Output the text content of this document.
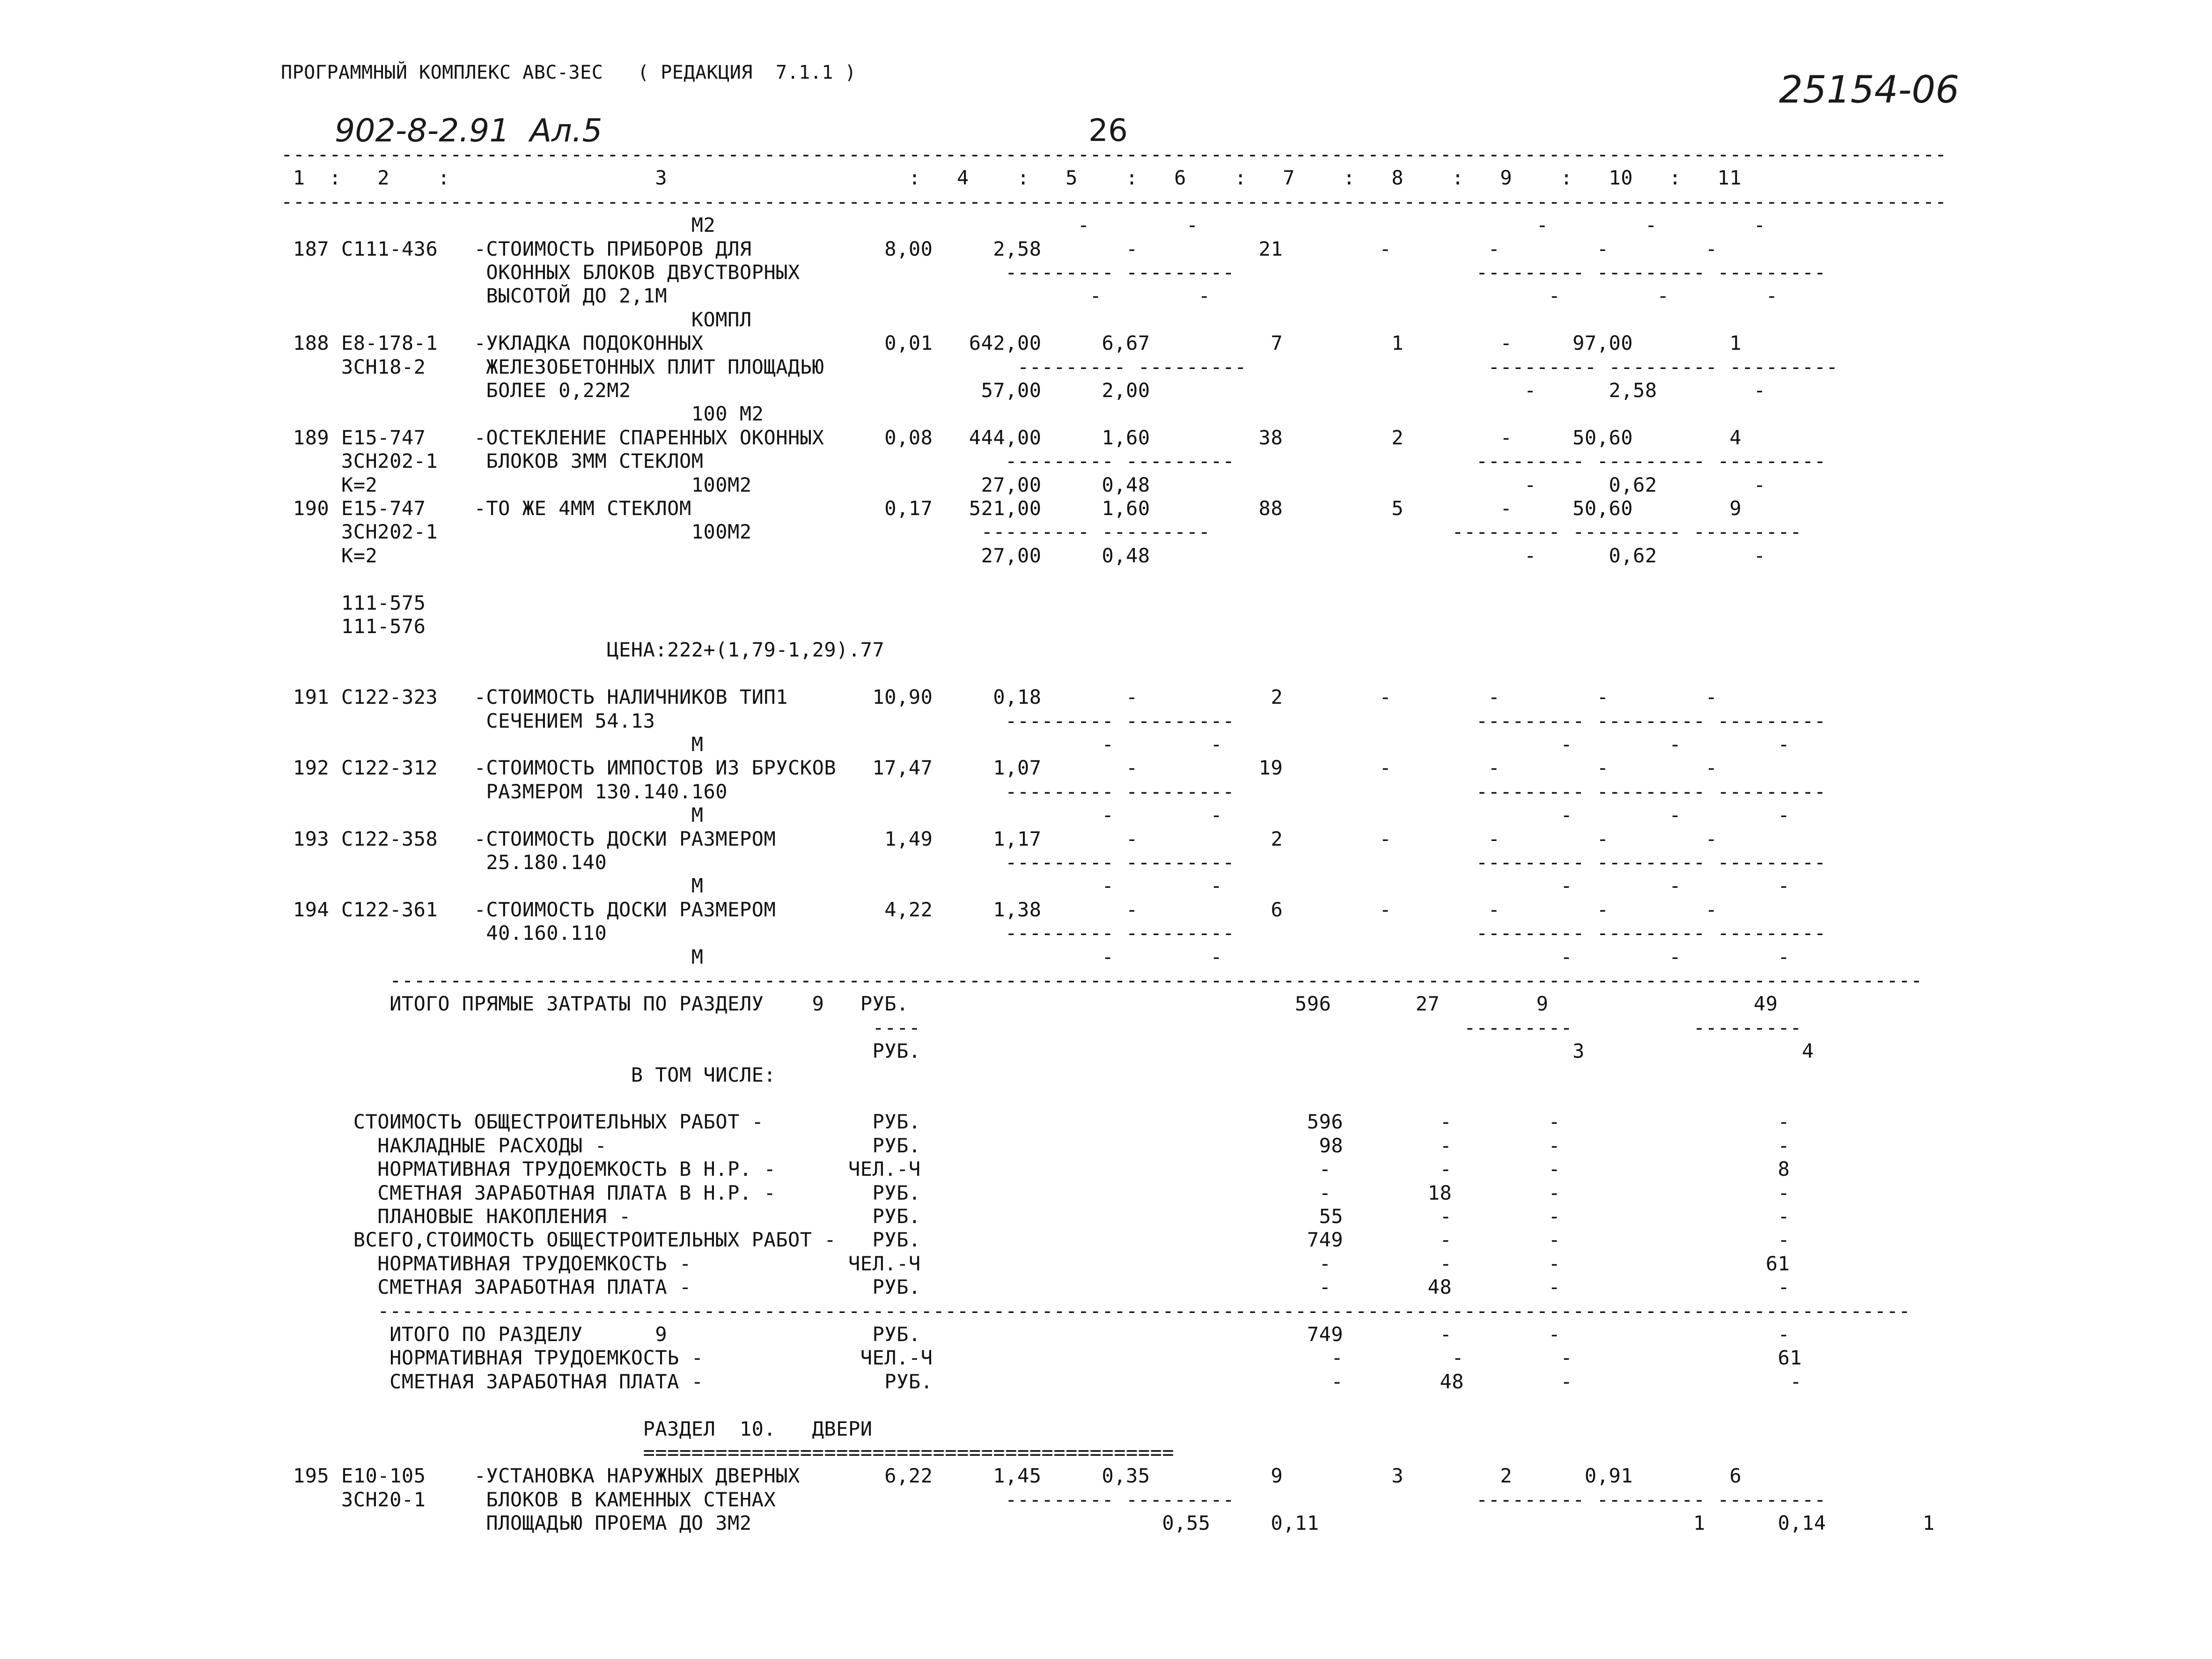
ПРОГРАММНЫЙ КОМПЛЕКС АВС-3ЕС   ( РЕДАКЦИЯ  7.1.1 )	25154-06
902-8-2.91  Ал.5	26
------------------------------------------------------------------------------------------------------------------------------------------
1  :   2    :                 3                    :   4    :   5    :   6    :   7    :   8    :   9    :   10   :   11
------------------------------------------------------------------------------------------------------------------------------------------
М2                              -        -                            -        -        -
187 С111-436   -СТОИМОСТЬ ПРИБОРОВ ДЛЯ           8,00     2,58       -          21        -        -        -        -
ОКОННЫХ БЛОКОВ ДВУСТВОРНЫХ                 --------- ---------                    --------- --------- ---------
ВЫСОТОЙ ДО 2,1М                                   -        -                            -        -        -
КОМПЛ
188 Е8-178-1   -УКЛАДКА ПОДОКОННЫХ               0,01   642,00     6,67          7         1        -     97,00        1
3СН18-2     ЖЕЛЕЗОБЕТОННЫХ ПЛИТ ПЛОЩАДЬЮ                --------- ---------                    --------- --------- ---------
БОЛЕЕ 0,22М2                             57,00     2,00                               -      2,58        -
100 М2
189 Е15-747    -ОСТЕКЛЕНИЕ СПАРЕННЫХ ОКОННЫХ     0,08   444,00     1,60         38         2        -     50,60        4
3СН202-1    БЛОКОВ 3ММ СТЕКЛОМ                         --------- ---------                    --------- --------- ---------
К=2                          100М2                   27,00     0,48                               -      0,62        -
190 Е15-747    -ТО ЖЕ 4ММ СТЕКЛОМ                0,17   521,00     1,60         88         5        -     50,60        9
3СН202-1                     100М2                   --------- ---------                    --------- --------- ---------
К=2                                                  27,00     0,48                               -      0,62        -
111-575
111-576
ЦЕНА:222+(1,79-1,29).77
191 С122-323   -СТОИМОСТЬ НАЛИЧНИКОВ ТИП1       10,90     0,18       -           2        -        -        -        -
СЕЧЕНИЕМ 54.13                             --------- ---------                    --------- --------- ---------
М                                 -        -                            -        -        -
192 С122-312   -СТОИМОСТЬ ИМПОСТОВ ИЗ БРУСКОВ   17,47     1,07       -          19        -        -        -        -
РАЗМЕРОМ 130.140.160                       --------- ---------                    --------- --------- ---------
М                                 -        -                            -        -        -
193 С122-358   -СТОИМОСТЬ ДОСКИ РАЗМЕРОМ         1,49     1,17       -           2        -        -        -        -
25.180.140                                 --------- ---------                    --------- --------- ---------
М                                 -        -                            -        -        -
194 С122-361   -СТОИМОСТЬ ДОСКИ РАЗМЕРОМ         4,22     1,38       -           6        -        -        -        -
40.160.110                                 --------- ---------                    --------- --------- ---------
М                                 -        -                            -        -        -
-------------------------------------------------------------------------------------------------------------------------------
ИТОГО ПРЯМЫЕ ЗАТРАТЫ ПО РАЗДЕЛУ    9   РУБ.                                596       27        9                 49
----                                             ---------          ---------
РУБ.                                                      3                  4
В ТОМ ЧИСЛЕ:
СТОИМОСТЬ ОБЩЕСТРОИТЕЛЬНЫХ РАБОТ -         РУБ.                                596        -        -                  -
НАКЛАДНЫЕ РАСХОДЫ -                      РУБ.                                 98        -        -                  -
НОРМАТИВНАЯ ТРУДОЕМКОСТЬ В Н.Р. -      ЧЕЛ.-Ч                                 -         -        -                  8
СМЕТНАЯ ЗАРАБОТНАЯ ПЛАТА В Н.Р. -        РУБ.                                 -        18        -                  -
ПЛАНОВЫЕ НАКОПЛЕНИЯ -                    РУБ.                                 55        -        -                  -
ВСЕГО,СТОИМОСТЬ ОБЩЕСТРОИТЕЛЬНЫХ РАБОТ -   РУБ.                                749        -        -                  -
НОРМАТИВНАЯ ТРУДОЕМКОСТЬ -             ЧЕЛ.-Ч                                 -         -        -                 61
СМЕТНАЯ ЗАРАБОТНАЯ ПЛАТА -               РУБ.                                 -        48        -                  -
-------------------------------------------------------------------------------------------------------------------------------
ИТОГО ПО РАЗДЕЛУ      9                 РУБ.                                749        -        -                  -
НОРМАТИВНАЯ ТРУДОЕМКОСТЬ -             ЧЕЛ.-Ч                                 -         -        -                 61
СМЕТНАЯ ЗАРАБОТНАЯ ПЛАТА -               РУБ.                                 -        48        -                  -
РАЗДЕЛ  10.   ДВЕРИ
============================================
195 Е10-105    -УСТАНОВКА НАРУЖНЫХ ДВЕРНЫХ       6,22     1,45     0,35          9         3        2      0,91        6
3СН20-1     БЛОКОВ В КАМЕННЫХ СТЕНАХ                   --------- ---------                    --------- --------- ---------
ПЛОЩАДЬЮ ПРОЕМА ДО 3М2                                  0,55     0,11                               1      0,14        1
